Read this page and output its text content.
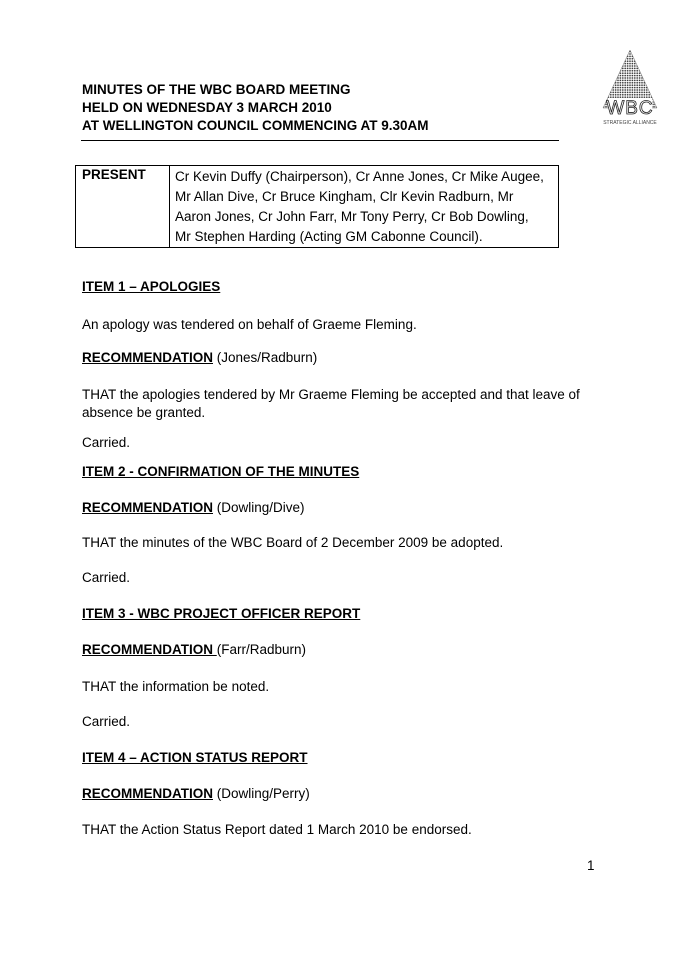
MINUTES OF THE WBC BOARD MEETING
HELD ON WEDNESDAY 3 MARCH 2010
AT WELLINGTON COUNCIL COMMENCING AT 9.30AM
WBC
STRATEGIC ALLIANCE
PRESENT Cr Kevin Duffy (Chairperson), Cr Anne Jones, Cr Mike Augee,
Mr Allan Dive, Cr Bruce Kingham, Clr Kevin Radburn, Mr
Aaron Jones, Cr John Farr, Mr Tony Perry, Cr Bob Dowling,
Mr Stephen Harding (Acting GM Cabonne Council).
ITEM 1 – APOLOGIES
An apology was tendered on behalf of Graeme Fleming.
RECOMMENDATION (Jones/Radburn)
THAT the apologies tendered by Mr Graeme Fleming be accepted and that leave of
absence be granted.
Carried.
ITEM 2 - CONFIRMATION OF THE MINUTES
RECOMMENDATION (Dowling/Dive)
THAT the minutes of the WBC Board of 2 December 2009 be adopted.
Carried.
ITEM 3 - WBC PROJECT OFFICER REPORT
RECOMMENDATION (Farr/Radburn)
THAT the information be noted.
Carried.
ITEM 4 – ACTION STATUS REPORT
RECOMMENDATION (Dowling/Perry)
THAT the Action Status Report dated 1 March 2010 be endorsed.
1
